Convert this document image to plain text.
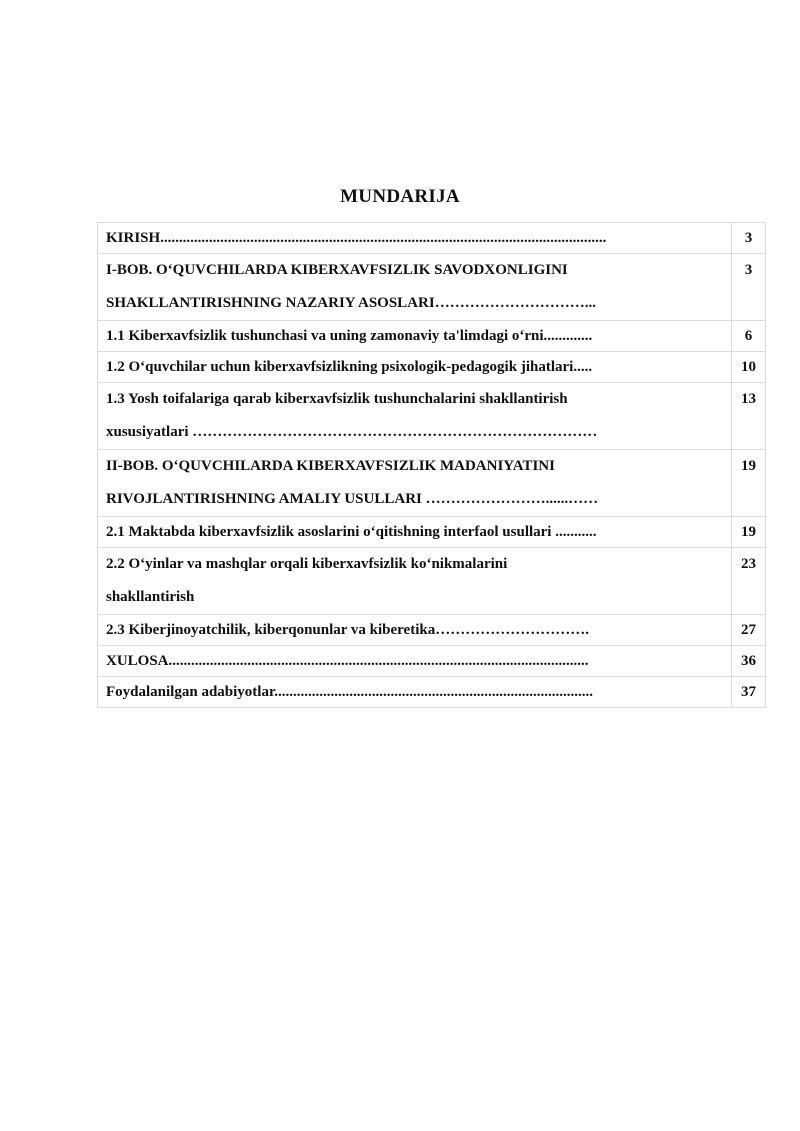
MUNDARIJA
KIRISH.......................................................................................................................	3

I-BOB. O‘QUVCHILARDA KIBERXAVFSIZLIK SAVODXONLIGINI
SHAKLLANTIRISHNING NAZARIY ASOSLARI…………………………...	3

1.1 Kiberxavfsizlik tushunchasi va uning zamonaviy ta'limdagi o‘rni.............	6

1.2 O‘quvchilar uchun kiberxavfsizlikning psixologik-pedagogik jihatlari.....	10

1.3 Yosh toifalariga qarab kiberxavfsizlik tushunchalarini shakllantirish
xususiyatlari ………………………………………………………………………	13

II-BOB. O‘QUVCHILARDA KIBERXAVFSIZLIK MADANIYATINI
RIVOJLANTIRISHNING AMALIY USULLARI ……………………......……	19

2.1 Maktabda kiberxavfsizlik asoslarini o‘qitishning interfaol usullari ...........	19

2.2 O‘yinlar va mashqlar orqali kiberxavfsizlik ko‘nikmalarini
shakllantirish	23

2.3 Kiberjinoyatchilik, kiberqonunlar va kiberetika………………………….	27

XULOSA................................................................................................................	36

Foydalanilgan adabiyotlar.....................................................................................	37
